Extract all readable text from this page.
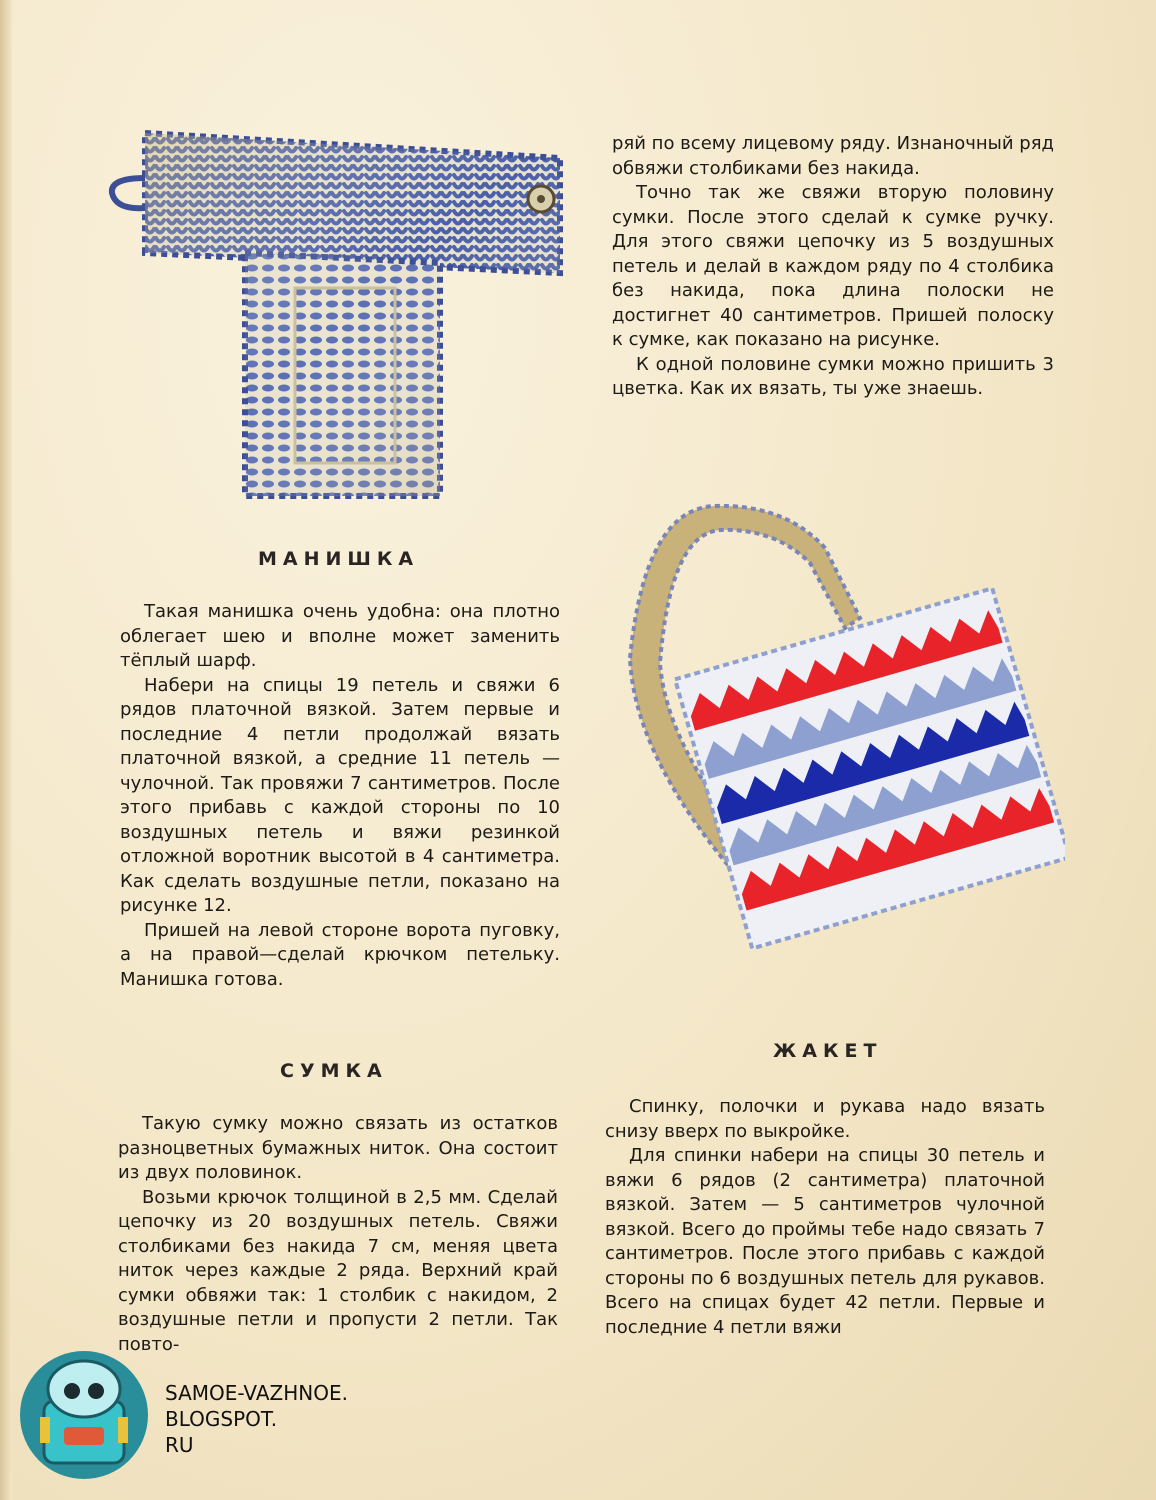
МАНИШКА

Такая манишка очень удобна: она плотно облегает шею и вполне может заменить тёплый шарф.

Набери на спицы 19 петель и свяжи 6 рядов платочной вязкой. Затем первые и последние 4 петли продолжай вязать платочной вязкой, а средние 11 петель — чулочной. Так провяжи 7 сантиметров. После этого прибавь с каждой стороны по 10 воздушных петель и вяжи резинкой отложной воротник высотой в 4 сантиметра. Как сделать воздушные петли, показано на рисунке 12.

Пришей на левой стороне ворота пуговку, а на правой—сделай крючком петельку. Манишка готова.

СУМКА

Такую сумку можно связать из остатков разноцветных бумажных ниток. Она состоит из двух половинок.

Возьми крючок толщиной в 2,5 мм. Сделай цепочку из 20 воздушных петель. Свяжи столбиками без накида 7 см, меняя цвета ниток через каждые 2 ряда. Верхний край сумки обвяжи так: 1 столбик с накидом, 2 воздушные петли и пропусти 2 петли. Так повто-

ряй по всему лицевому ряду. Изнаночный ряд обвяжи столбиками без накида.

Точно так же свяжи вторую половину сумки. После этого сделай к сумке ручку. Для этого свяжи цепочку из 5 воздушных петель и делай в каждом ряду по 4 столбика без накида, пока длина полоски не достигнет 40 сантиметров. Пришей полоску к сумке, как показано на рисунке.

К одной половине сумки можно пришить 3 цветка. Как их вязать, ты уже знаешь.

ЖАКЕТ

Спинку, полочки и рукава надо вязать снизу вверх по выкройке.

Для спинки набери на спицы 30 петель и вяжи 6 рядов (2 сантиметра) платочной вязкой. Затем — 5 сантиметров чулочной вязкой. Всего до проймы тебе надо связать 7 сантиметров. После этого прибавь с каждой стороны по 6 воздушных петель для рукавов. Всего на спицах будет 42 петли. Первые и последние 4 петли вяжи

SAMOE-VAZHNOE.
BLOGSPOT.
RU
